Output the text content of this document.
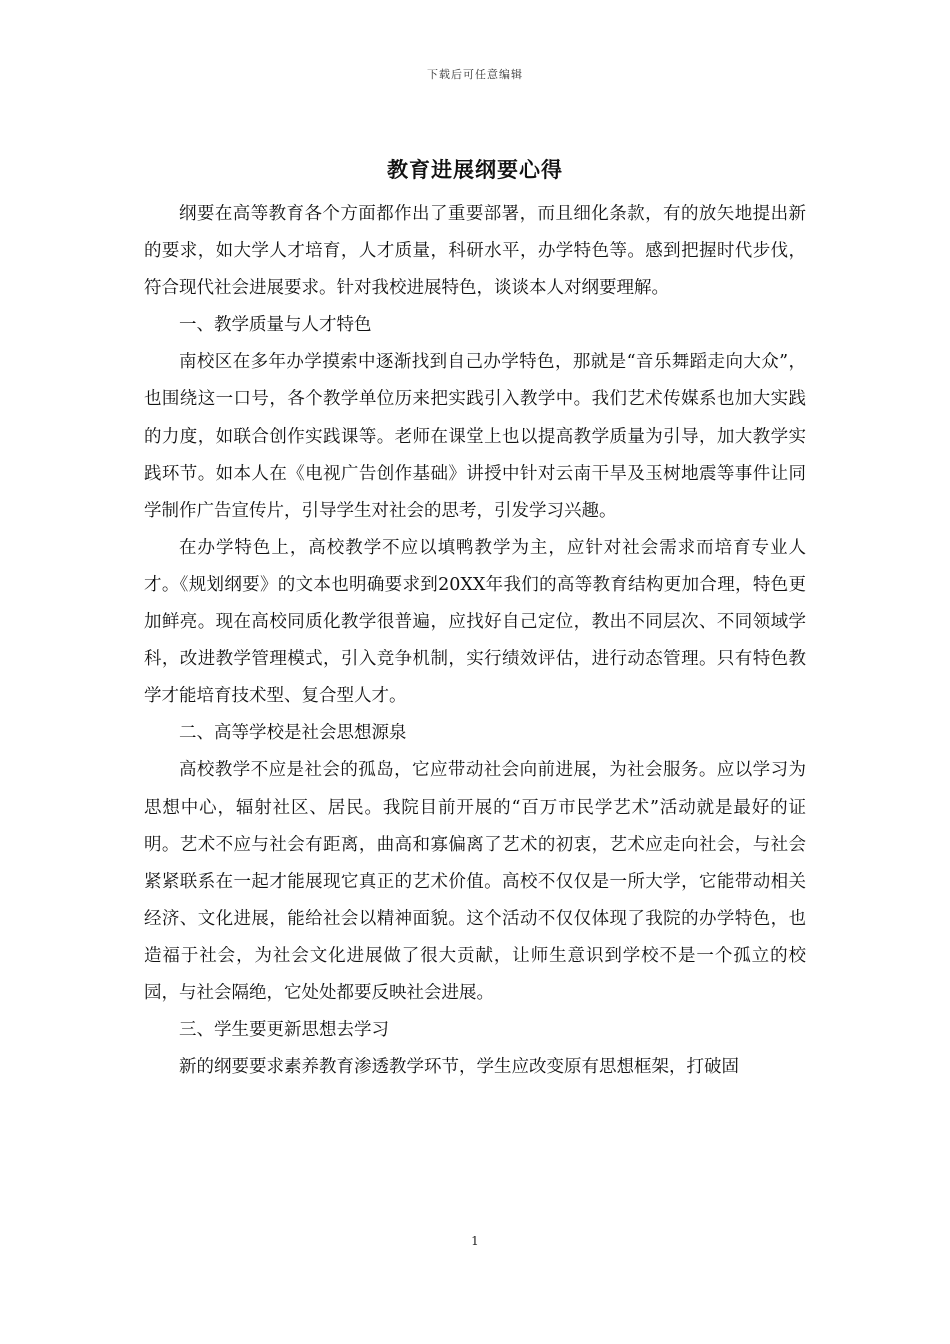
下载后可任意编辑
教育进展纲要心得

纲要在高等教育各个方面都作出了重要部署，而且细化条款，有的放矢地提出新的要求，如大学人才培育，人才质量，科研水平，办学特色等。感到把握时代步伐，符合现代社会进展要求。针对我校进展特色，谈谈本人对纲要理解。

一、教学质量与人才特色

南校区在多年办学摸索中逐渐找到自己办学特色，那就是“音乐舞蹈走向大众”，也围绕这一口号，各个教学单位历来把实践引入教学中。我们艺术传媒系也加大实践的力度，如联合创作实践课等。老师在课堂上也以提高教学质量为引导，加大教学实践环节。如本人在《电视广告创作基础》讲授中针对云南干旱及玉树地震等事件让同学制作广告宣传片，引导学生对社会的思考，引发学习兴趣。

在办学特色上，高校教学不应以填鸭教学为主，应针对社会需求而培育专业人才。《规划纲要》的文本也明确要求到20XX年我们的高等教育结构更加合理，特色更加鲜亮。现在高校同质化教学很普遍，应找好自己定位，教出不同层次、不同领域学科，改进教学管理模式，引入竞争机制，实行绩效评估，进行动态管理。只有特色教学才能培育技术型、复合型人才。

二、高等学校是社会思想源泉

高校教学不应是社会的孤岛，它应带动社会向前进展，为社会服务。应以学习为思想中心，辐射社区、居民。我院目前开展的“百万市民学艺术”活动就是最好的证明。艺术不应与社会有距离，曲高和寡偏离了艺术的初衷，艺术应走向社会，与社会紧紧联系在一起才能展现它真正的艺术价值。高校不仅仅是一所大学，它能带动相关经济、文化进展，能给社会以精神面貌。这个活动不仅仅体现了我院的办学特色，也造福于社会，为社会文化进展做了很大贡献，让师生意识到学校不是一个孤立的校园，与社会隔绝，它处处都要反映社会进展。

三、学生要更新思想去学习

新的纲要要求素养教育渗透教学环节，学生应改变原有思想框架，打破固

1
